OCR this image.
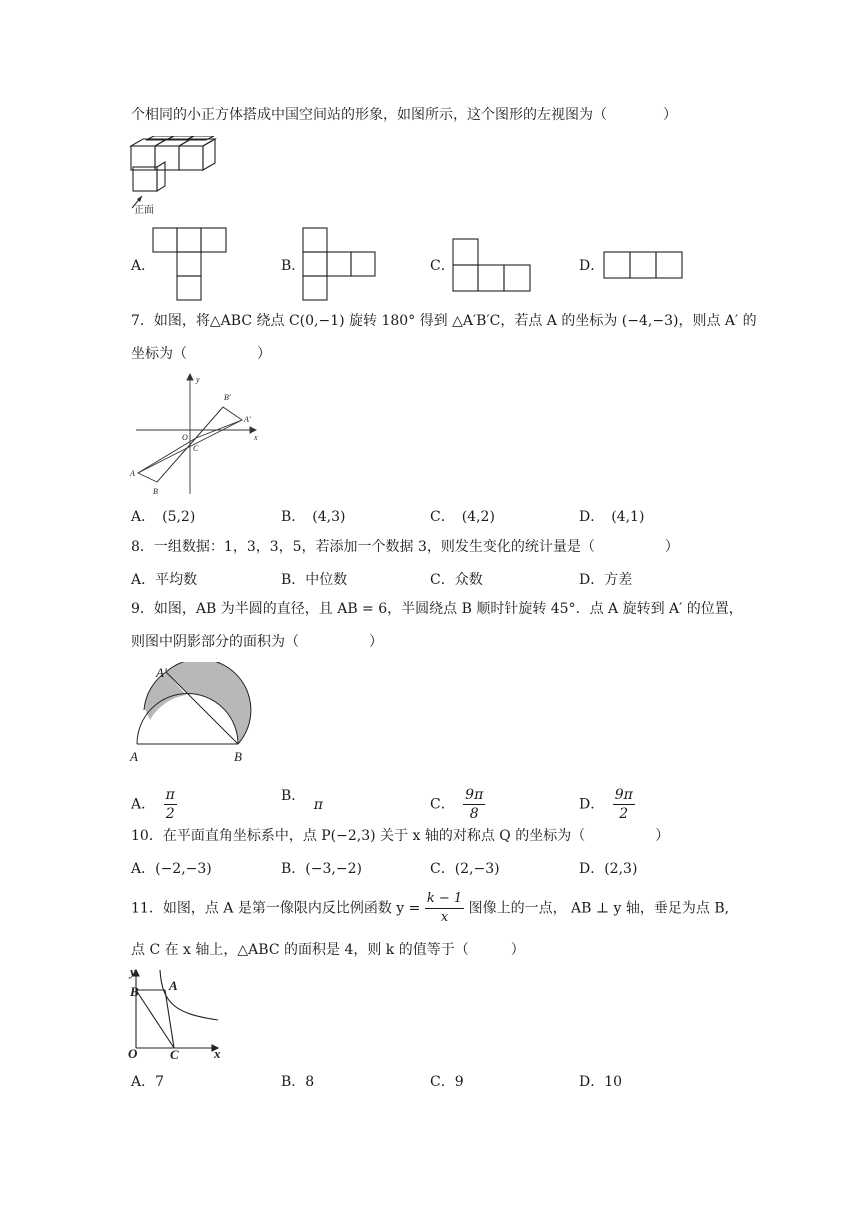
个相同的小正方体搭成中国空间站的形象，如图所示，这个图形的左视图为（　　　　）
正面
A．	B．	C．	D．
7．如图，将△ABC 绕点 C(0,−1) 旋转 180° 得到 △A′B′C，若点 A 的坐标为 (−4,−3)，则点 A′ 的
坐标为（　　　　　）
y
x
O
C
A
B
A′
B′
A．　(5,2)	B．　(4,3)	C．　(4,2)	D．　(4,1)
8．一组数据：1，3，3，5，若添加一个数据 3，则发生变化的统计量是（　　　　　）
A．平均数	B．中位数	C．众数	D．方差
9．如图，AB 为半圆的直径，且 AB = 6，半圆绕点 B 顺时针旋转 45°．点 A 旋转到 A′ 的位置，
则图中阴影部分的面积为（　　　　　）
A	B
A′
A． $\frac{\pi}{2}$	B． π	C． $\frac{9\pi}{8}$	D． $\frac{9\pi}{2}$
10．在平面直角坐标系中，点 P(−2,3) 关于 x 轴的对称点 Q 的坐标为（　　　　　）
A．(−2,−3)	B．(−3,−2)	C．(2,−3)	D．(2,3)
11．如图，点 A 是第一像限内反比例函数 $y = \frac{k - 1}{x}$ 图像上的一点， AB ⊥ y 轴，垂足为点 B,
点 C 在 x 轴上，△ABC 的面积是 4，则 k 的值等于（　　　）
y
x
O	C
B A
A．7	B．8	C．9	D．10
